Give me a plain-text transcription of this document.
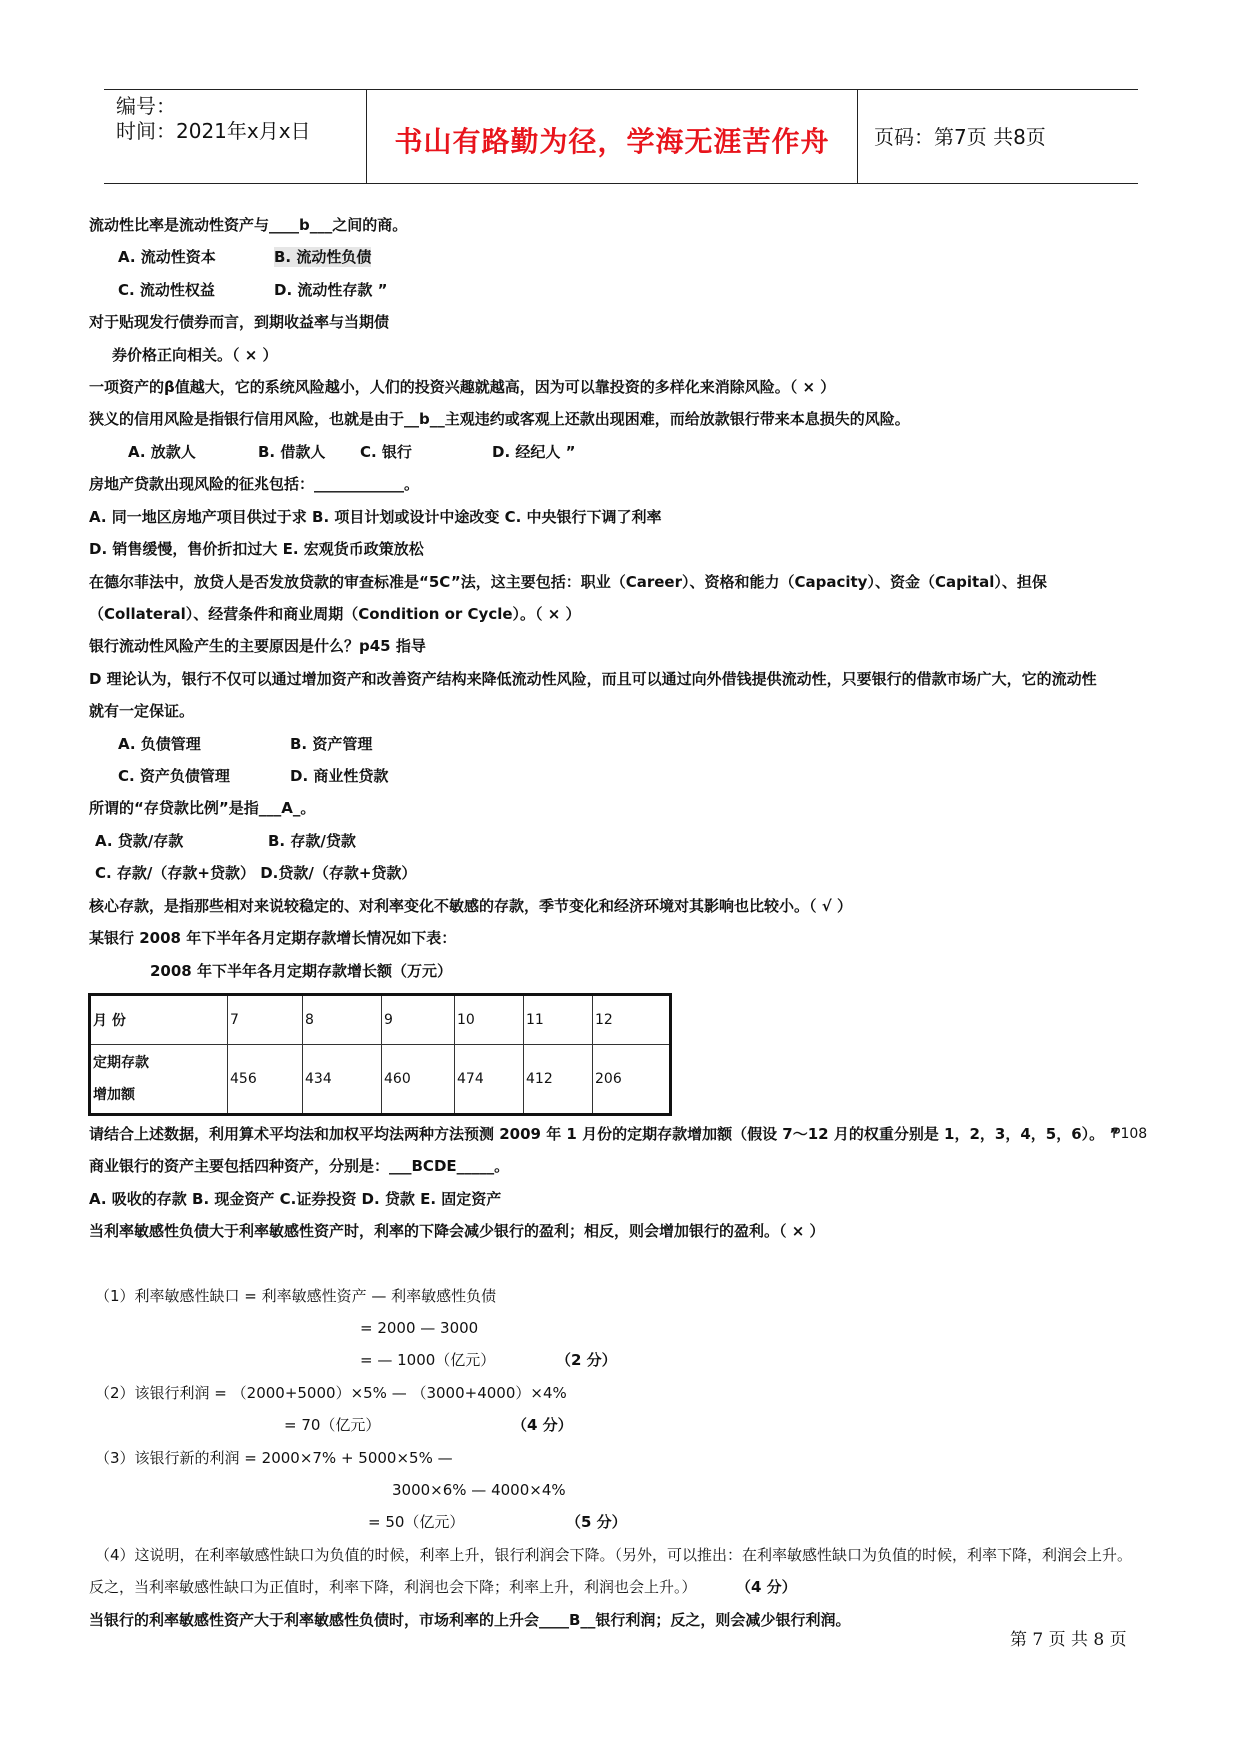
编号：
时间：2021年x月x日	书山有路勤为径，学海无涯苦作舟	页码：第7页 共8页
流动性比率是流动性资产与____b___之间的商。
A. 流动性资本	B. 流动性负债
C. 流动性权益	D. 流动性存款 ”
对于贴现发行债券而言，到期收益率与当期债
券价格正向相关。（ × ）
一项资产的β值越大，它的系统风险越小，人们的投资兴趣就越高，因为可以靠投资的多样化来消除风险。（ × ）
狭义的信用风险是指银行信用风险，也就是由于__b__主观违约或客观上还款出现困难，而给放款银行带来本息损失的风险。
A. 放款人	B. 借款人 C. 银行	D. 经纪人 ”
房地产贷款出现风险的征兆包括：____________。
A. 同一地区房地产项目供过于求 B. 项目计划或设计中途改变 C. 中央银行下调了利率
D. 销售缓慢，售价折扣过大 E. 宏观货币政策放松
在德尔菲法中，放贷人是否发放贷款的审查标准是“5C”法，这主要包括：职业（Career）、资格和能力（Capacity）、资金（Capital）、担保
（Collateral）、经营条件和商业周期（Condition or Cycle）。（ × ）
银行流动性风险产生的主要原因是什么？p45 指导
D 理论认为，银行不仅可以通过增加资产和改善资产结构来降低流动性风险，而且可以通过向外借钱提供流动性，只要银行的借款市场广大，它的流动性
就有一定保证。
A. 负债管理	B. 资产管理
C. 资产负债管理	D. 商业性贷款
所谓的“存贷款比例”是指___A_。
A. 贷款/存款	B. 存款/贷款
C. 存款/（存款+贷款） D.贷款/（存款+贷款）
核心存款，是指那些相对来说较稳定的、对利率变化不敏感的存款，季节变化和经济环境对其影响也比较小。（ √ ）
某银行 2008 年下半年各月定期存款增长情况如下表：
2008 年下半年各月定期存款增长额（万元）
月 份	7	8	9	10	11	12

定期存款
增加额	456	434	460	474	412	206
请结合上述数据，利用算术平均法和加权平均法两种方法预测 2009 年 1 月份的定期存款增加额（假设 7～12 月的权重分别是 1，2，3，4，5，6）。 ”
P108
商业银行的资产主要包括四种资产，分别是：___BCDE_____。
A. 吸收的存款 B. 现金资产 C.证券投资 D. 贷款 E. 固定资产
当利率敏感性负债大于利率敏感性资产时，利率的下降会减少银行的盈利；相反，则会增加银行的盈利。（ × ）
（1）利率敏感性缺口 = 利率敏感性资产 — 利率敏感性负债
= 2000 — 3000
= — 1000（亿元）	（2 分）
（2）该银行利润 = （2000+5000）×5% — （3000+4000）×4%
= 70（亿元）	（4 分）
（3）该银行新的利润 = 2000×7% + 5000×5% —
3000×6% — 4000×4%
= 50（亿元）	（5 分）
（4）这说明，在利率敏感性缺口为负值的时候，利率上升，银行利润会下降。（另外，可以推出：在利率敏感性缺口为负值的时候，利率下降，利润会上升。
反之，当利率敏感性缺口为正值时，利率下降，利润也会下降；利率上升，利润也会上升。）	（4 分）
当银行的利率敏感性资产大于利率敏感性负债时，市场利率的上升会____B__银行利润；反之，则会减少银行利润。
第 7 页 共 8 页
